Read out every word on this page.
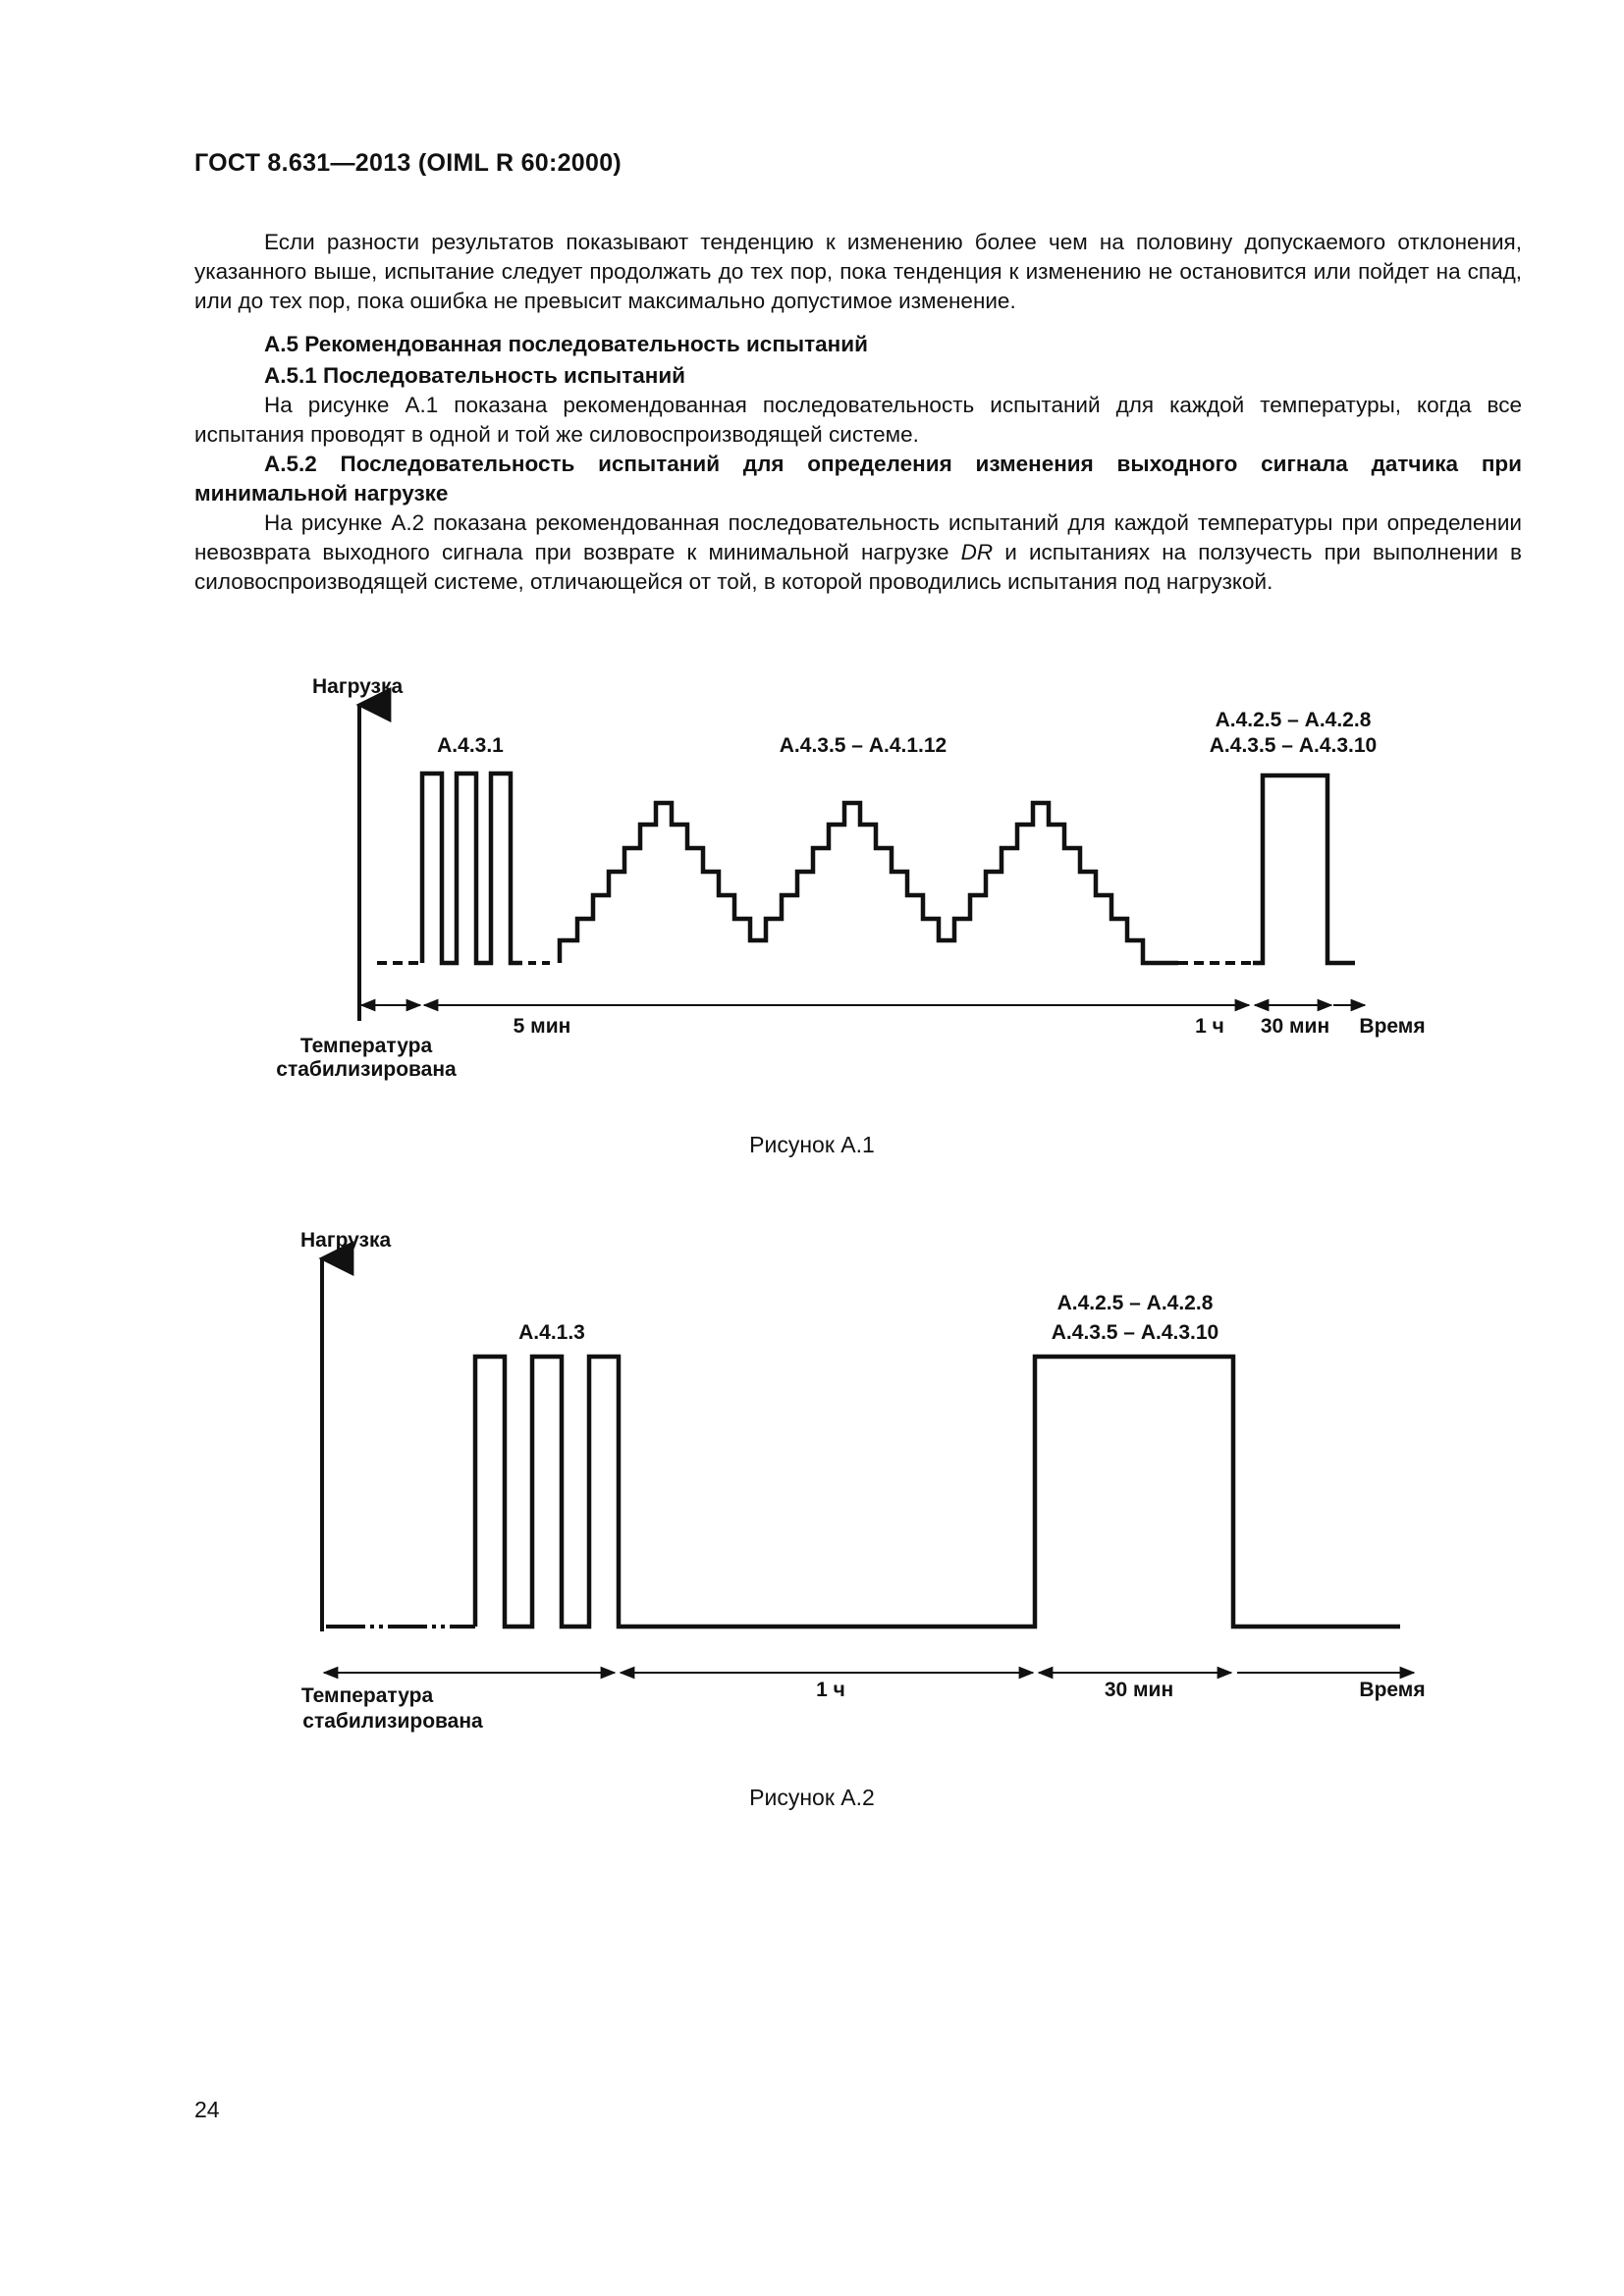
ГОСТ 8.631—2013 (OIML R 60:2000)

Если разности результатов показывают тенденцию к изменению более чем на половину допускаемого отклонения, указанного выше, испытание следует продолжать до тех пор, пока тенденция к изменению не остановится или пойдет на спад, или до тех пор, пока ошибка не превысит максимально допустимое изменение.

А.5 Рекомендованная последовательность испытаний

А.5.1 Последовательность испытаний

На рисунке А.1 показана рекомендованная последовательность испытаний для каждой температуры, когда все испытания проводят в одной и той же силовоспроизводящей системе.

А.5.2 Последовательность испытаний для определения изменения выходного сигнала датчика при минимальной нагрузке

На рисунке А.2 показана рекомендованная последовательность испытаний для каждой температуры при определении невозврата выходного сигнала при возврате к минимальной нагрузке DR и испытаниях на ползучесть при выполнении в силовоспроизводящей системе, отличающейся от той, в которой проводились испытания под нагрузкой.

Нагрузка
А.4.3.1	А.4.3.5 – А.4.1.12
А.4.2.5 – А.4.2.8
А.4.3.5 – А.4.3.10
5 мин	1 ч 30 мин Время
Температура
стабилизирована
Рисунок А.1
Нагрузка
А.4.1.3
А.4.2.5 – А.4.2.8
А.4.3.5 – А.4.3.10
1 ч	30 мин	Время
Температура
стабилизирована
Рисунок А.2
24
